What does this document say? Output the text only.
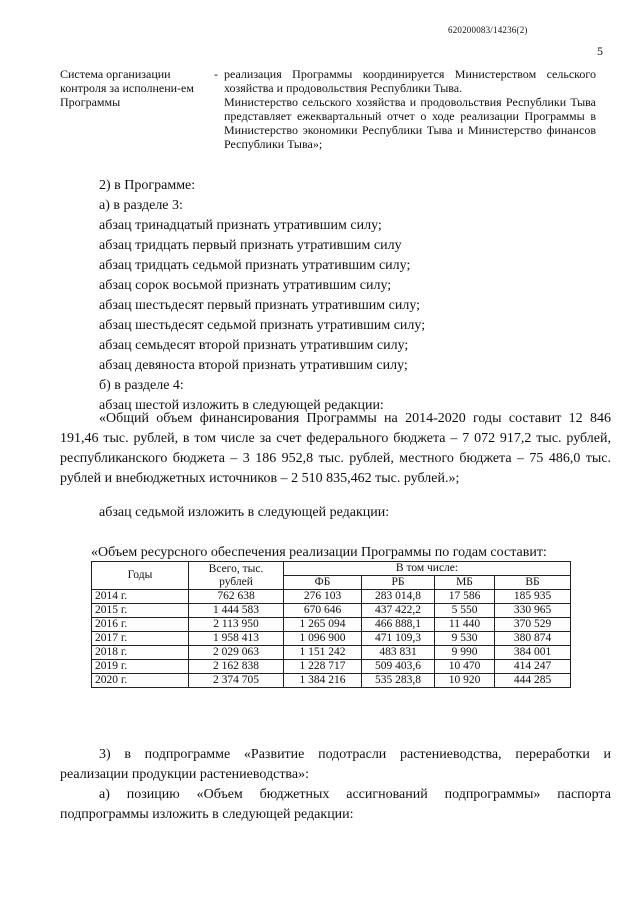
620200083/14236(2)
5
Система организации контроля за исполнени-ем Программы
- реализация Программы координируется Министерством сельского хозяйства и продовольствия Республики Тыва.

Министерство сельского хозяйства и продовольствия Республики Тыва представляет ежеквартальный отчет о ходе реализации Программы в Министерство экономики Республики Тыва и Министерство финансов Республики Тыва»;

2) в Программе:
а) в разделе 3:
абзац тринадцатый признать утратившим силу;
абзац тридцать первый признать утратившим силу
абзац тридцать седьмой признать утратившим силу;
абзац сорок восьмой признать утратившим силу;
абзац шестьдесят первый признать утратившим силу;
абзац шестьдесят седьмой признать утратившим силу;
абзац семьдесят второй признать утратившим силу;
абзац девяноста второй признать утратившим силу;
б) в разделе 4:
абзац шестой изложить в следующей редакции:
«Общий объем финансирования Программы на 2014-2020 годы составит 12 846 191,46 тыс. рублей, в том числе за счет федерального бюджета – 7 072 917,2 тыс. рублей, республиканского бюджета – 3 186 952,8 тыс. рублей, местного бюджета – 75 486,0 тыс. рублей и внебюджетных источников – 2 510 835,462 тыс. рублей.»;
абзац седьмой изложить в следующей редакции:
«Объем ресурсного обеспечения реализации Программы по годам составит:
Годы	Всего, тыс. рублей	В том числе:			
		ФБ	РБ	МБ	ВБ
2014 г.	762 638	276 103	283 014,8	17 586	185 935
2015 г.	1 444 583	670 646	437 422,2	5 550	330 965
2016 г.	2 113 950	1 265 094	466 888,1	11 440	370 529
2017 г.	1 958 413	1 096 900	471 109,3	9 530	380 874
2018 г.	2 029 063	1 151 242	483 831	9 990	384 001
2019 г.	2 162 838	1 228 717	509 403,6	10 470	414 247
2020 г.	2 374 705	1 384 216	535 283,8	10 920	444 285
3) в подпрограмме «Развитие подотрасли растениеводства, переработки и реализации продукции растениеводства»:
а) позицию «Объем бюджетных ассигнований подпрограммы» паспорта подпрограммы изложить в следующей редакции:
